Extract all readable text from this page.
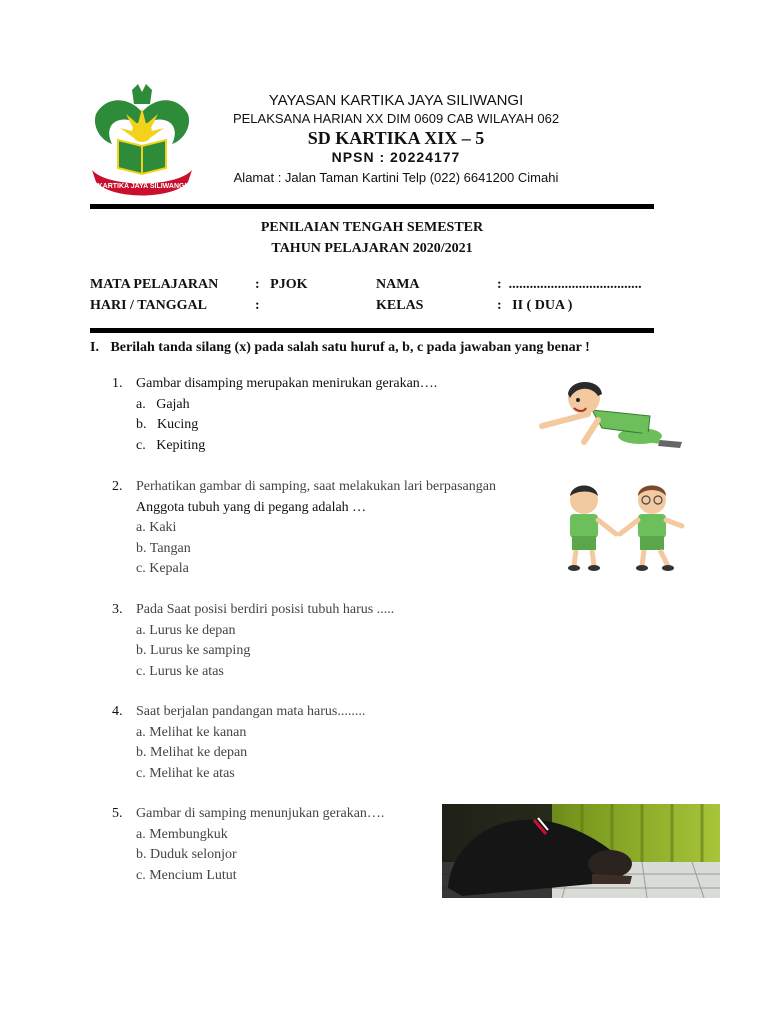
KARTIKA JAYA SILIWANGI
YAYASAN KARTIKA JAYA SILIWANGI
PELAKSANA HARIAN XX DIM 0609 CAB WILAYAH 062
SD KARTIKA XIX – 5
NPSN : 20224177
Alamat : Jalan Taman Kartini Telp (022) 6641200 Cimahi
PENILAIAN TENGAH SEMESTER
TAHUN PELAJARAN 2020/2021
MATA PELAJARAN	:   PJOK	NAMA	:  ......................................
HARI / TANGGAL	:	KELAS	:   II ( DUA )
I. Berilah tanda silang (x) pada salah satu huruf a, b, c pada jawaban yang benar !
1. Gambar disamping merupakan menirukan gerakan….
a. Gajah
b. Kucing
c. Kepiting
2. Perhatikan gambar di samping, saat melakukan lari berpasangan
Anggota tubuh yang di pegang adalah …
a. Kaki
b. Tangan
c. Kepala
3. Pada Saat posisi berdiri posisi tubuh harus .....
a. Lurus ke depan
b. Lurus ke samping
c. Lurus ke atas
4. Saat berjalan pandangan mata harus........
a. Melihat ke kanan
b. Melihat ke depan
c. Melihat ke atas
5. Gambar di samping menunjukan gerakan….
a. Membungkuk
b. Duduk selonjor
c. Mencium Lutut
